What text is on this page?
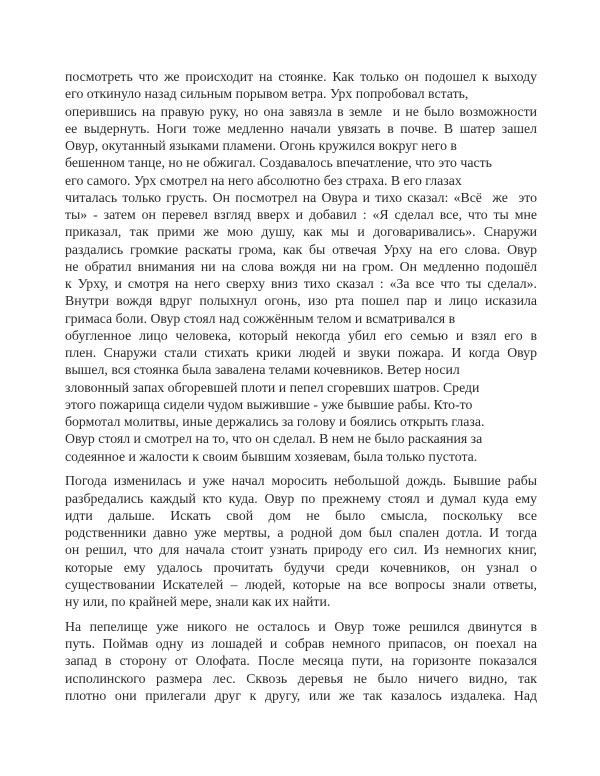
посмотреть что же происходит на стоянке. Как только он подошел к выходу
его откинуло назад сильным порывом ветра. Урх попробовал встать,
оперившись на правую руку, но она завязла в земле  и не было возможности
ее выдернуть. Ноги тоже медленно начали увязать в почве. В шатер зашел
Овур, окутанный языками пламени. Огонь кружился вокруг него в
бешенном танце, но не обжигал. Создавалось впечатление, что это часть
его самого. Урх смотрел на него абсолютно без страха. В его глазах
читалась только грусть. Он посмотрел на Овура и тихо сказал: «Всё  же  это
ты» - затем он перевел взгляд вверх и добавил : «Я сделал все, что ты мне
приказал, так прими же мою душу, как мы и договаривались». Снаружи
раздались громкие раскаты грома, как бы отвечая Урху на его слова. Овур
не обратил внимания ни на слова вождя ни на гром. Он медленно подошёл
к Урху, и смотря на него сверху вниз тихо сказал : «За все что ты сделал».
Внутри вождя вдруг полыхнул огонь, изо рта пошел пар и лицо исказила
гримаса боли. Овур стоял над сожжённым телом и всматривался в
обугленное лицо человека, который некогда убил его семью и взял его в
плен. Снаружи стали стихать крики людей и звуки пожара. И когда Овур
вышел, вся стоянка была завалена телами кочевников. Ветер носил
зловонный запах обгоревшей плоти и пепел сгоревших шатров. Среди
этого пожарища сидели чудом выжившие - уже бывшие рабы. Кто-то
бормотал молитвы, иные держались за голову и боялись открыть глаза.
Овур стоял и смотрел на то, что он сделал. В нем не было раскаяния за
содеянное и жалости к своим бывшим хозяевам, была только пустота.
Погода изменилась и уже начал моросить небольшой дождь. Бывшие рабы
разбредались каждый кто куда. Овур по прежнему стоял и думал куда ему
идти дальше. Искать свой дом не было смысла, поскольку все
родственники давно уже мертвы, а родной дом был спален дотла. И тогда
он решил, что для начала стоит узнать природу его сил. Из немногих книг,
которые ему удалось прочитать будучи среди кочевников, он узнал о
существовании Искателей – людей, которые на все вопросы знали ответы,
ну или, по крайней мере, знали как их найти.
На пепелище уже никого не осталось и Овур тоже решился двинутся в
путь. Поймав одну из лошадей и собрав немного припасов, он поехал на
запад в сторону от Олофата. После месяца пути, на горизонте показался
исполинского размера лес. Сквозь деревья не было ничего видно, так
плотно они прилегали друг к другу, или же так казалось издалека. Над
